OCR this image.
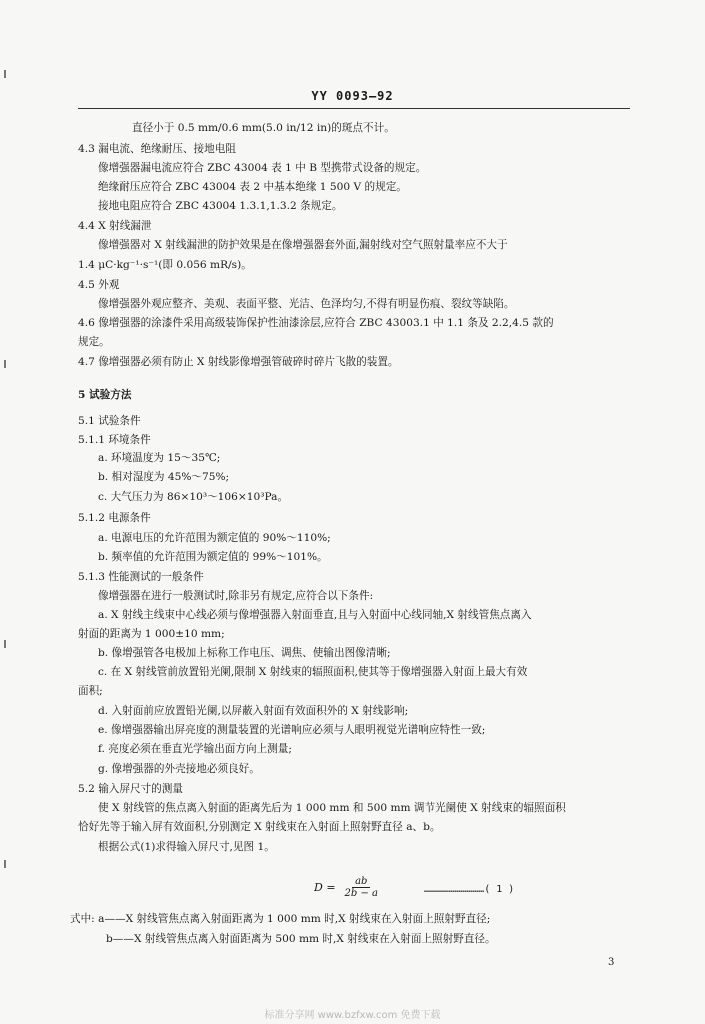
YY 0093—92
直径小于 0.5 mm/0.6 mm(5.0 in/12 in)的斑点不计。
4.3 漏电流、绝缘耐压、接地电阻
像增强器漏电流应符合 ZBC 43004 表 1 中 B 型携带式设备的规定。
绝缘耐压应符合 ZBC 43004 表 2 中基本绝缘 1 500 V 的规定。
接地电阻应符合 ZBC 43004 1.3.1,1.3.2 条规定。
4.4 X 射线漏泄
像增强器对 X 射线漏泄的防护效果是在像增强器套外面,漏射线对空气照射量率应不大于
1.4 μC·kg⁻¹·s⁻¹(即 0.056 mR/s)。
4.5 外观
像增强器外观应整齐、美观、表面平整、光洁、色泽均匀,不得有明显伤痕、裂纹等缺陷。
4.6 像增强器的涂漆件采用高级装饰保护性油漆涂层,应符合 ZBC 43003.1 中 1.1 条及 2.2,4.5 款的
规定。
4.7 像增强器必须有防止 X 射线影像增强管破碎时碎片飞散的装置。
5 试验方法
5.1 试验条件
5.1.1 环境条件
a. 环境温度为 15～35℃;
b. 相对湿度为 45%～75%;
c. 大气压力为 86×10³～106×10³Pa。
5.1.2 电源条件
a. 电源电压的允许范围为额定值的 90%～110%;
b. 频率值的允许范围为额定值的 99%～101%。
5.1.3 性能测试的一般条件
像增强器在进行一般测试时,除非另有规定,应符合以下条件:
a. X 射线主线束中心线必须与像增强器入射面垂直,且与入射面中心线同轴,X 射线管焦点离入
射面的距离为 1 000±10 mm;
b. 像增强管各电极加上标称工作电压、调焦、使输出图像清晰;
c. 在 X 射线管前放置铅光阑,限制 X 射线束的辐照面积,使其等于像增强器入射面上最大有效
面积;
d. 入射面前应放置铅光阑,以屏蔽入射面有效面积外的 X 射线影响;
e. 像增强器输出屏亮度的测量装置的光谱响应必须与人眼明视觉光谱响应特性一致;
f. 亮度必须在垂直光学输出面方向上测量;
g. 像增强器的外壳接地必须良好。
5.2 输入屏尺寸的测量
使 X 射线管的焦点离入射面的距离先后为 1 000 mm 和 500 mm 调节光阑使 X 射线束的辐照面积
恰好先等于输入屏有效面积,分别测定 X 射线束在入射面上照射野直径 a、b。
根据公式(1)求得输入屏尺寸,见图 1。
$D = \frac{ab}{2b - a}$	…………………………( 1 )
式中: a——X 射线管焦点离入射面距离为 1 000 mm 时,X 射线束在入射面上照射野直径;
b——X 射线管焦点离入射面距离为 500 mm 时,X 射线束在入射面上照射野直径。
3
标准分享网 www.bzfxw.com 免费下载
